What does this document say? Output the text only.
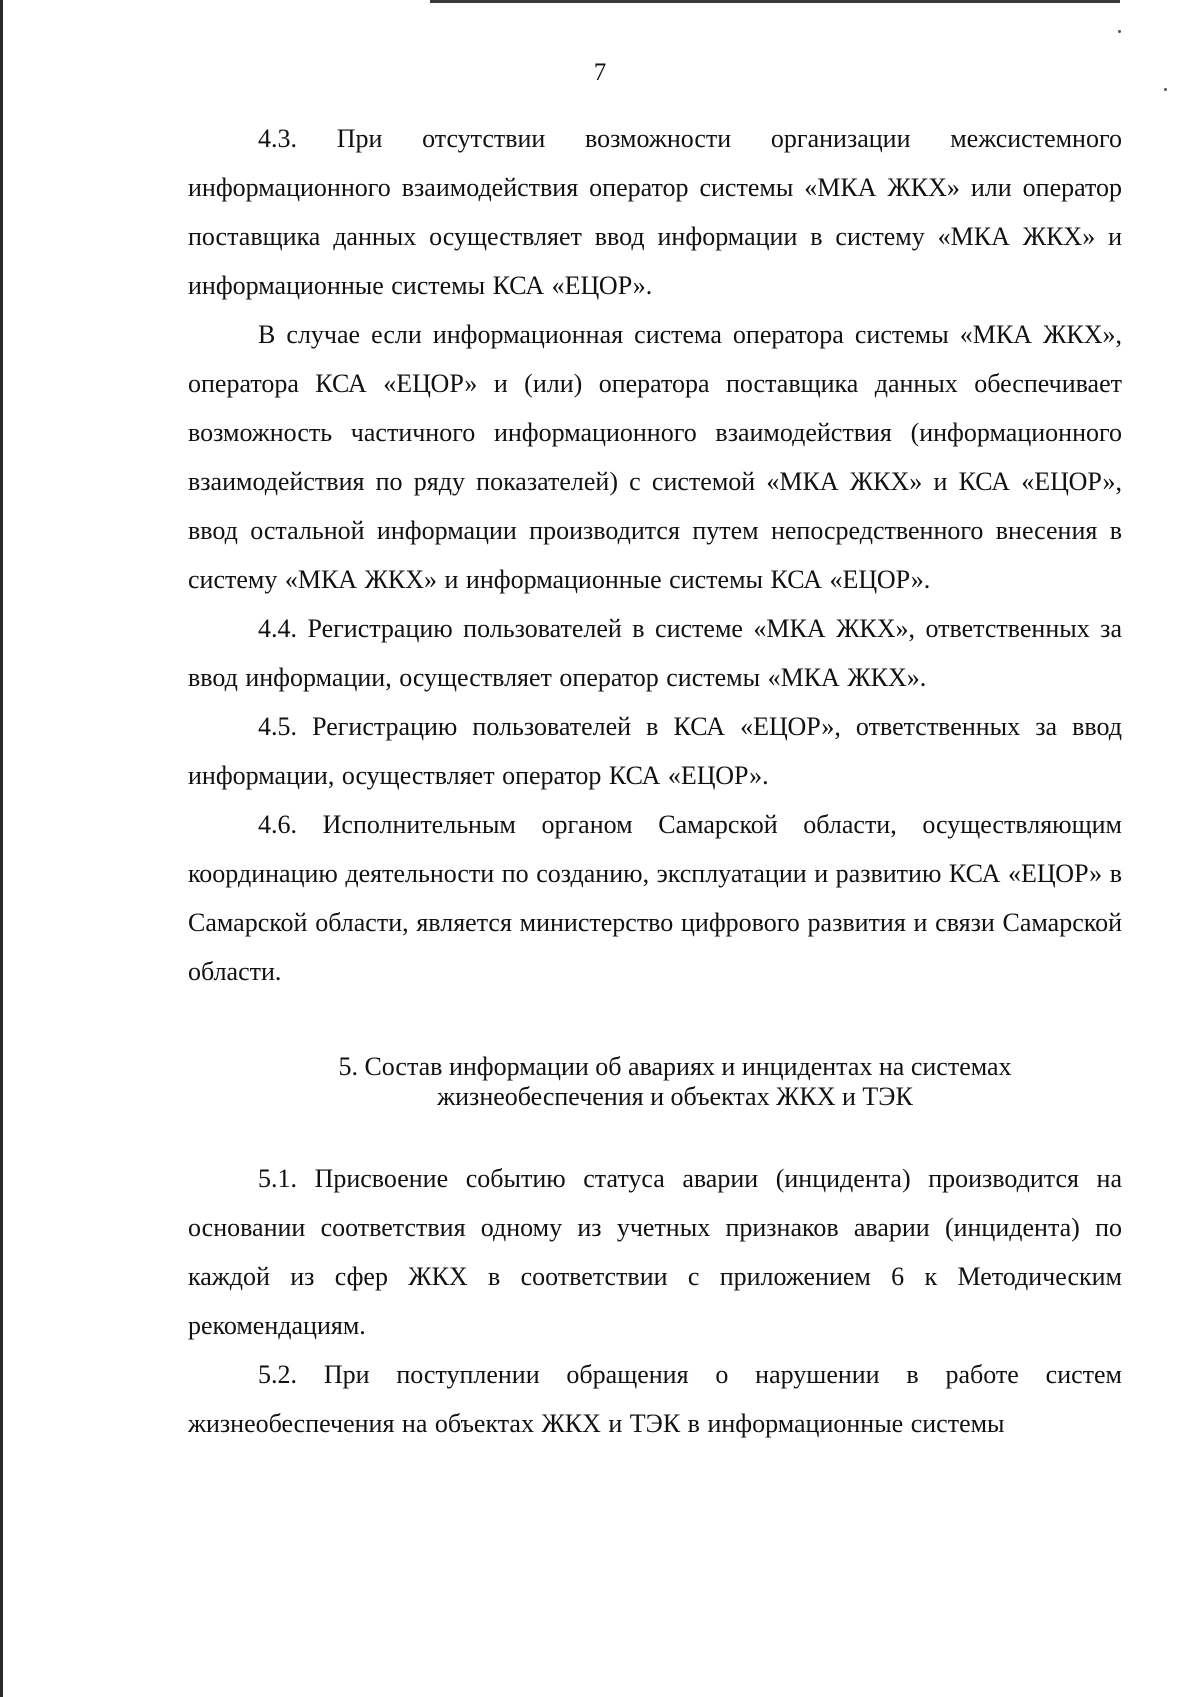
7

4.3. При отсутствии возможности организации межсистемного информационного взаимодействия оператор системы «МКА ЖКХ» или оператор поставщика данных осуществляет ввод информации в систему «МКА ЖКХ» и информационные системы КСА «ЕЦОР».

В случае если информационная система оператора системы «МКА ЖКХ», оператора КСА «ЕЦОР» и (или) оператора поставщика данных обеспечивает возможность частичного информационного взаимодействия (информационного взаимодействия по ряду показателей) с системой «МКА ЖКХ» и КСА «ЕЦОР», ввод остальной информации производится путем непосредственного внесения в систему «МКА ЖКХ» и информационные системы КСА «ЕЦОР».

4.4. Регистрацию пользователей в системе «МКА ЖКХ», ответственных за ввод информации, осуществляет оператор системы «МКА ЖКХ».

4.5. Регистрацию пользователей в КСА «ЕЦОР», ответственных за ввод информации, осуществляет оператор КСА «ЕЦОР».

4.6. Исполнительным органом Самарской области, осуществляющим координацию деятельности по созданию, эксплуатации и развитию КСА «ЕЦОР» в Самарской области, является министерство цифрового развития и связи Самарской области.

5. Состав информации об авариях и инцидентах на системах
жизнеобеспечения и объектах ЖКХ и ТЭК

5.1. Присвоение событию статуса аварии (инцидента) производится на основании соответствия одному из учетных признаков аварии (инцидента) по каждой из сфер ЖКХ в соответствии с приложением 6 к Методическим рекомендациям.

5.2. При поступлении обращения о нарушении в работе систем жизнеобеспечения на объектах ЖКХ и ТЭК в информационные системы
